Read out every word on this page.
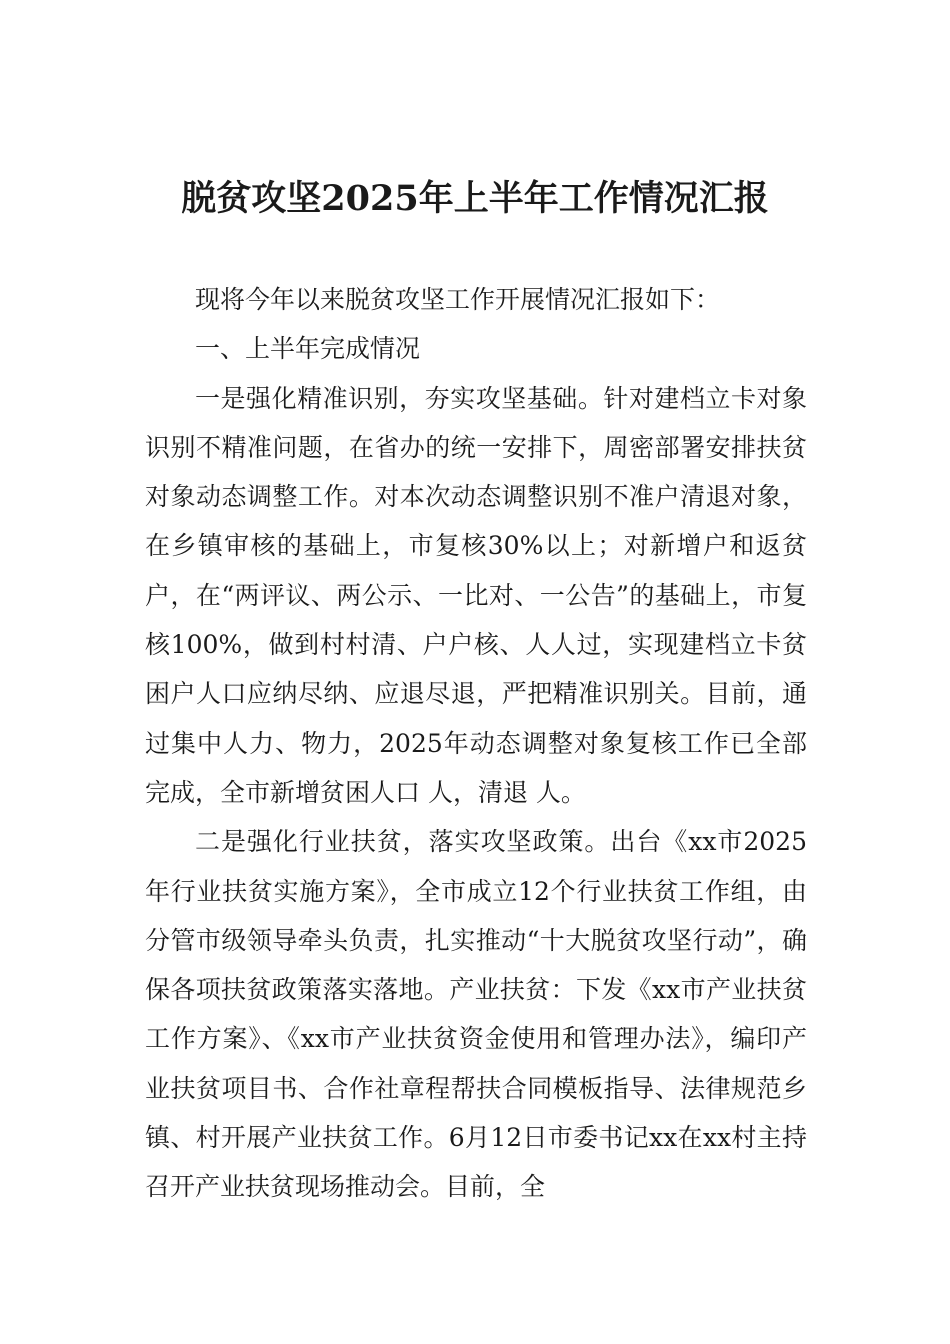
脱贫攻坚2025年上半年工作情况汇报

现将今年以来脱贫攻坚工作开展情况汇报如下：

一、上半年完成情况

一是强化精准识别，夯实攻坚基础。针对建档立卡对象识别不精准问题，在省办的统一安排下，周密部署安排扶贫对象动态调整工作。对本次动态调整识别不准户清退对象，在乡镇审核的基础上，市复核30%以上；对新增户和返贫户，在“两评议、两公示、一比对、一公告”的基础上，市复核100%，做到村村清、户户核、人人过，实现建档立卡贫困户人口应纳尽纳、应退尽退，严把精准识别关。目前，通过集中人力、物力，2025年动态调整对象复核工作已全部完成，全市新增贫困人口 人，清退 人。

二是强化行业扶贫，落实攻坚政策。出台《xx市2025年行业扶贫实施方案》，全市成立12个行业扶贫工作组，由分管市级领导牵头负责，扎实推动“十大脱贫攻坚行动”，确保各项扶贫政策落实落地。产业扶贫：下发《xx市产业扶贫工作方案》、《xx市产业扶贫资金使用和管理办法》，编印产业扶贫项目书、合作社章程帮扶合同模板指导、法律规范乡镇、村开展产业扶贫工作。6月12日市委书记xx在xx村主持召开产业扶贫现场推动会。目前，全
